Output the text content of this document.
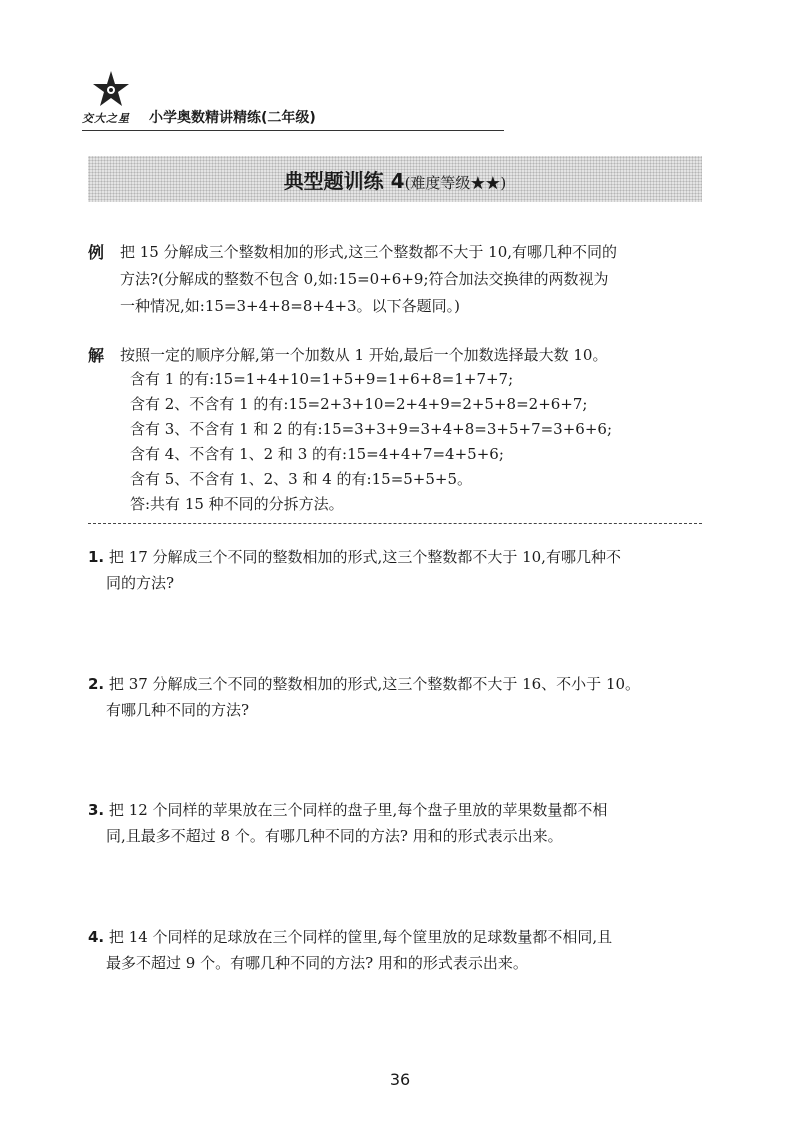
交大之星 小学奥数精讲精练(二年级)
典型题训练 4(难度等级★★)
例 把 15 分解成三个整数相加的形式,这三个整数都不大于 10,有哪几种不同的
方法?(分解成的整数不包含 0,如:15=0+6+9;符合加法交换律的两数视为
一种情况,如:15=3+4+8=8+4+3。以下各题同。)
解 按照一定的顺序分解,第一个加数从 1 开始,最后一个加数选择最大数 10。
含有 1 的有:15=1+4+10=1+5+9=1+6+8=1+7+7;
含有 2、不含有 1 的有:15=2+3+10=2+4+9=2+5+8=2+6+7;
含有 3、不含有 1 和 2 的有:15=3+3+9=3+4+8=3+5+7=3+6+6;
含有 4、不含有 1、2 和 3 的有:15=4+4+7=4+5+6;
含有 5、不含有 1、2、3 和 4 的有:15=5+5+5。
答:共有 15 种不同的分拆方法。
1. 把 17 分解成三个不同的整数相加的形式,这三个整数都不大于 10,有哪几种不
同的方法?
2. 把 37 分解成三个不同的整数相加的形式,这三个整数都不大于 16、不小于 10。
有哪几种不同的方法?
3. 把 12 个同样的苹果放在三个同样的盘子里,每个盘子里放的苹果数量都不相
同,且最多不超过 8 个。有哪几种不同的方法? 用和的形式表示出来。
4. 把 14 个同样的足球放在三个同样的筐里,每个筐里放的足球数量都不相同,且
最多不超过 9 个。有哪几种不同的方法? 用和的形式表示出来。
36
